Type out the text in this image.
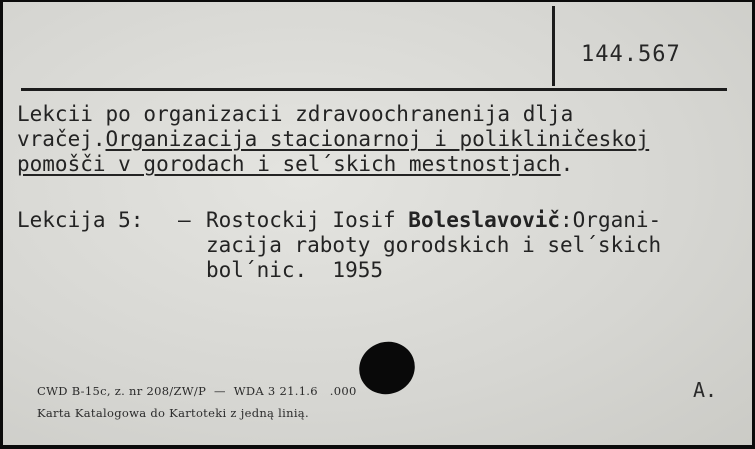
144.567
Lekcii po organizacii zdravoochranenija dlja
vračej.Organizacija stacionarnoj i polikliničeskoj
pomošči v gorodach i sel´skich mestnostjach.
Lekcija 5: – Rostockij Iosif Boleslavovič:Organi-
zacija raboty gorodskich i sel´skich
bol´nic.  1955
CWD B-15c, z. nr 208/ZW/P  —  WDA 3 21.1.6 .000
Karta Katalogowa do Kartoteki z jedną linią.
A.
